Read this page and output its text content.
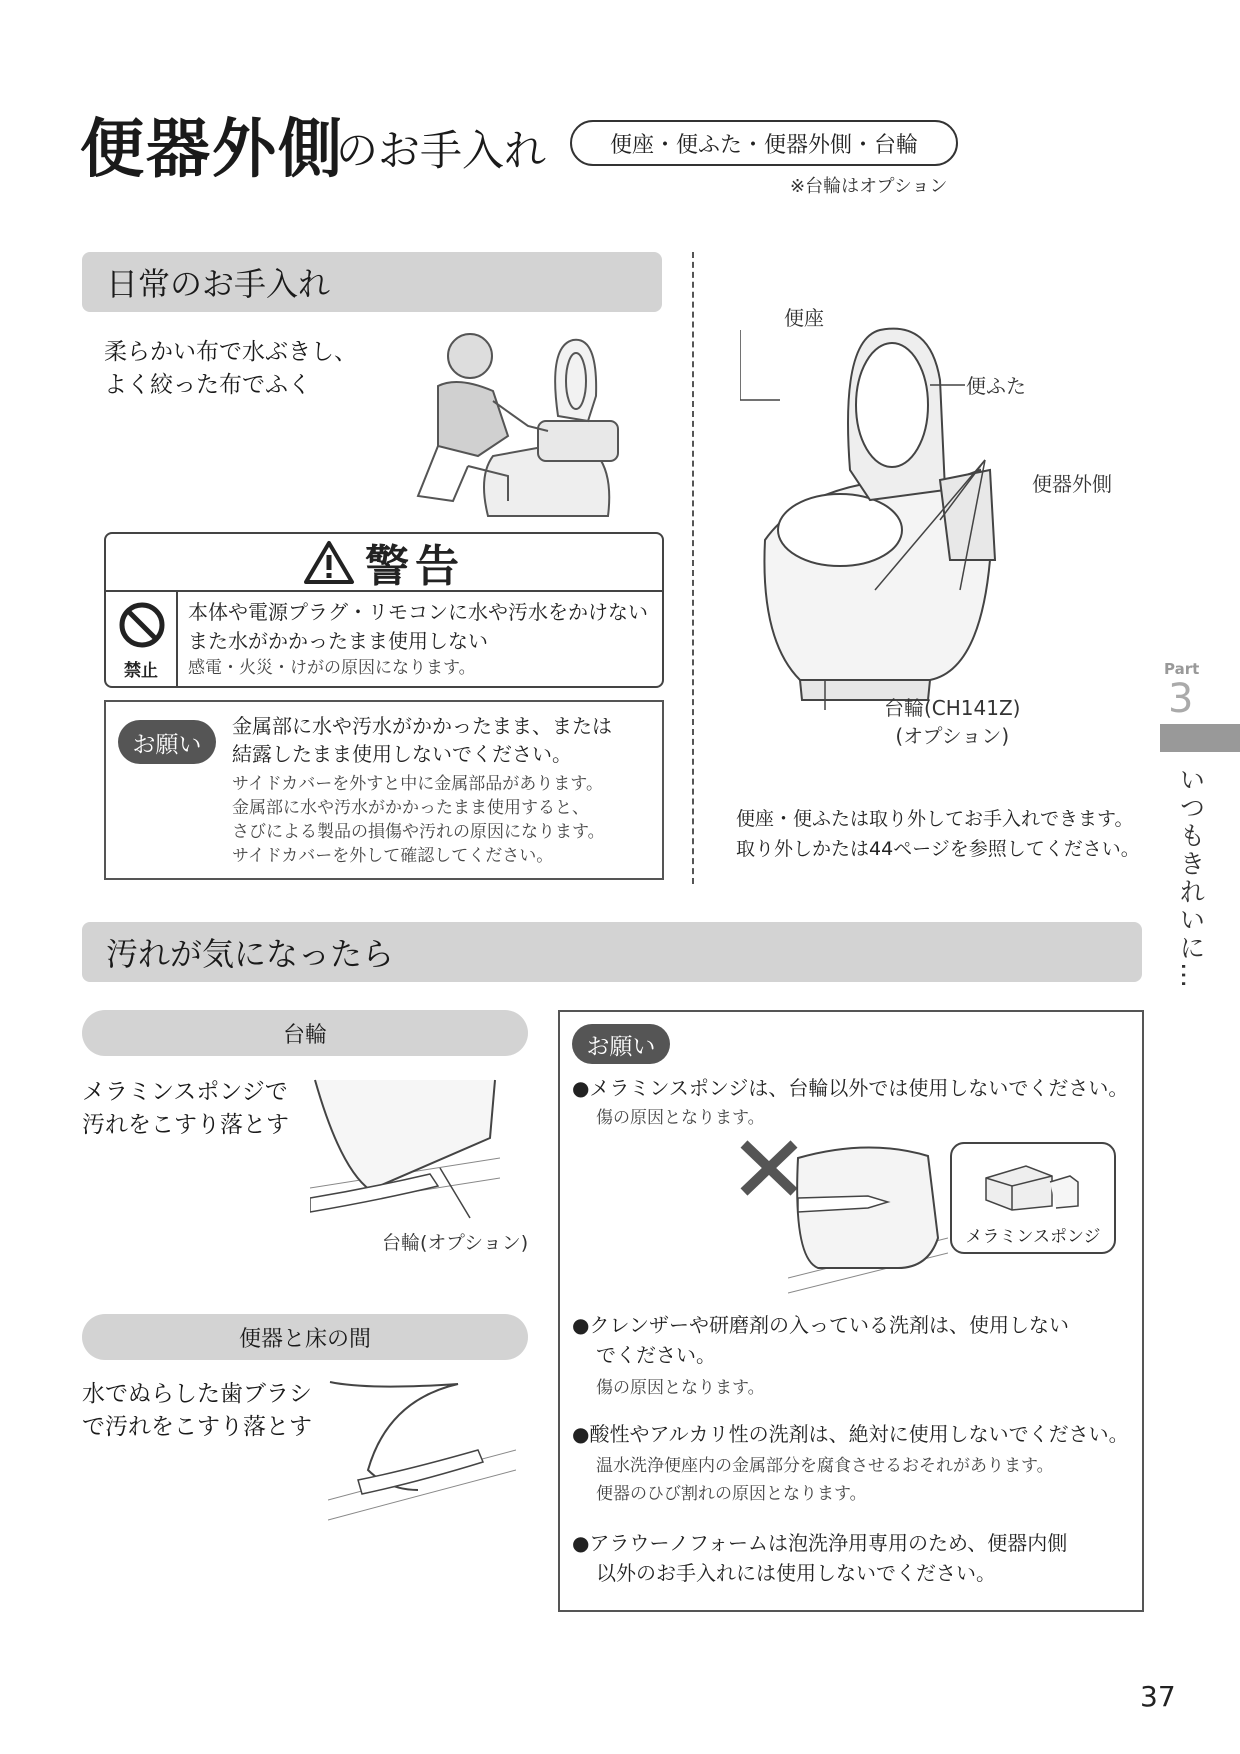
便器外側
のお手入れ	便座・便ふた・便器外側・台輪
※台輪はオプション
日常のお手入れ
柔らかい布で水ぶきし、
よく絞った布でふく
警告
禁止
本体や電源プラグ・リモコンに水や汚水をかけない
また水がかかったまま使用しない
感電・火災・けがの原因になります。
お願い
金属部に水や汚水がかかったまま、または
結露したまま使用しないでください。
サイドカバーを外すと中に金属部品があります。
金属部に水や汚水がかかったまま使用すると、
さびによる製品の損傷や汚れの原因になります。
サイドカバーを外して確認してください。
便座
便ふた
便器外側
台輪(CH141Z)
(オプション)
便座・便ふたは取り外してお手入れできます。
取り外しかたは44ページを参照してください。
Part
3
いつもきれいに…
汚れが気になったら
台輪
メラミンスポンジで
汚れをこすり落とす
台輪(オプション)
便器と床の間
水でぬらした歯ブラシ
で汚れをこすり落とす
お願い
●メラミンスポンジは、台輪以外では使用しないでください。
傷の原因となります。
メラミンスポンジ
●クレンザーや研磨剤の入っている洗剤は、使用しない
でください。
傷の原因となります。
●酸性やアルカリ性の洗剤は、絶対に使用しないでください。
温水洗浄便座内の金属部分を腐食させるおそれがあります。
便器のひび割れの原因となります。
●アラウーノフォームは泡洗浄用専用のため、便器内側
以外のお手入れには使用しないでください。
37
